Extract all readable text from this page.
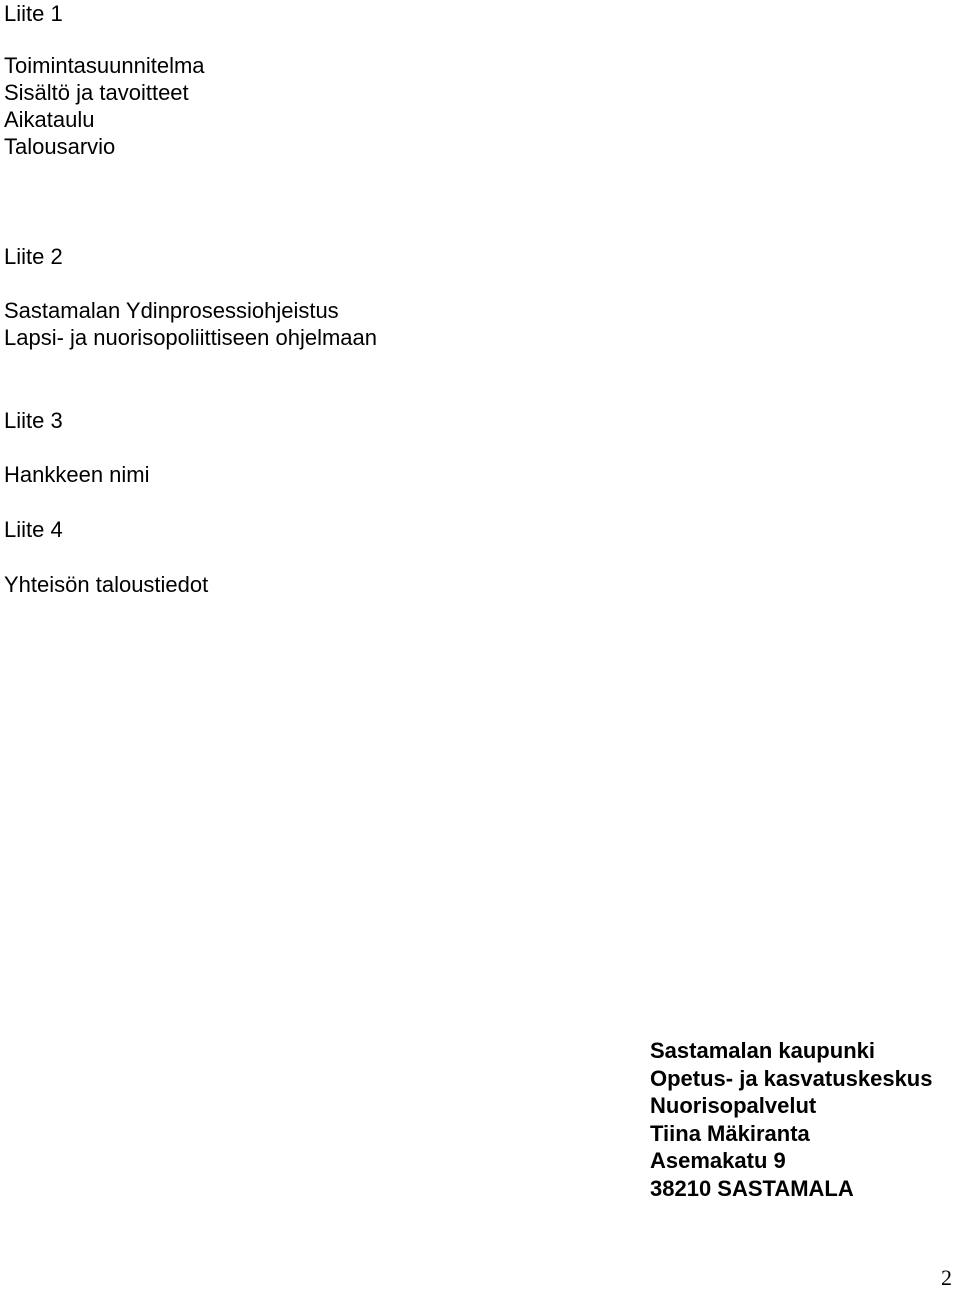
Liite 1
Toimintasuunnitelma
Sisältö ja tavoitteet
Aikataulu
Talousarvio
Liite 2
Sastamalan Ydinprosessiohjeistus
Lapsi- ja nuorisopoliittiseen ohjelmaan
Liite 3
Hankkeen nimi
Liite 4
Yhteisön taloustiedot
Sastamalan kaupunki
Opetus- ja kasvatuskeskus
Nuorisopalvelut
Tiina Mäkiranta
Asemakatu 9
38210 SASTAMALA
2
